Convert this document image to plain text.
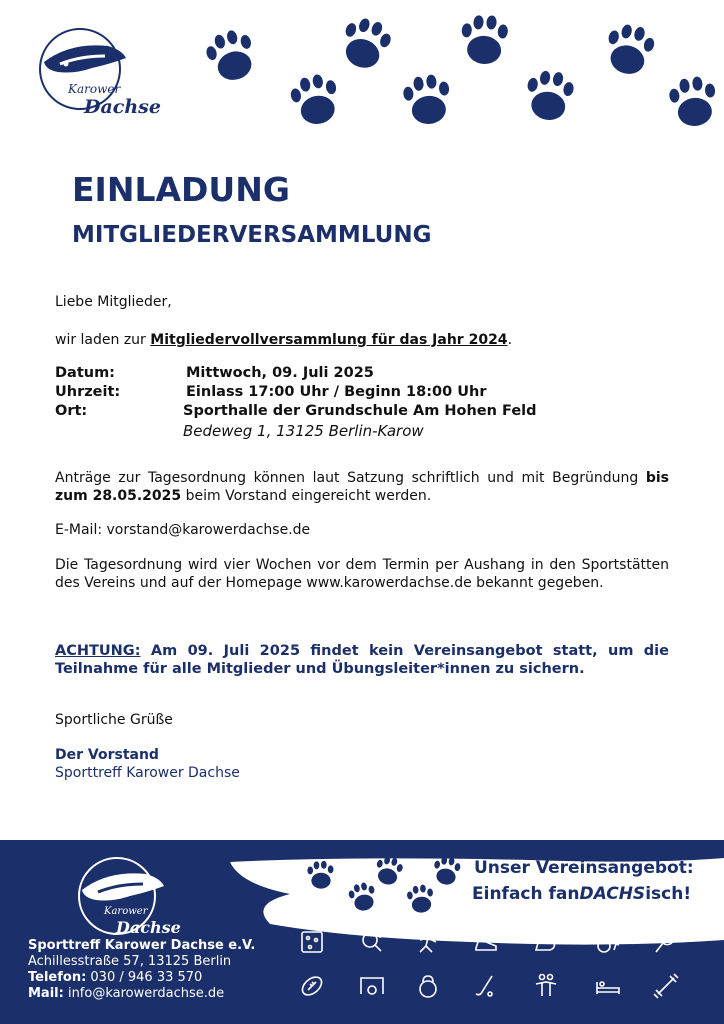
Karower
Dachse
EINLADUNG
MITGLIEDERVERSAMMLUNG
Liebe Mitglieder,
wir laden zur Mitgliedervollversammlung für das Jahr 2024.
Datum:	Mittwoch, 09. Juli 2025
Uhrzeit:	Einlass 17:00 Uhr / Beginn 18:00 Uhr
Ort:	Sporthalle der Grundschule Am Hohen Feld
Bedeweg 1, 13125 Berlin-Karow
Anträge zur Tagesordnung können laut Satzung schriftlich und mit Begründung bis zum 28.05.2025 beim Vorstand eingereicht werden.
E-Mail: vorstand@karowerdachse.de
Die Tagesordnung wird vier Wochen vor dem Termin per Aushang in den Sportstätten des Vereins und auf der Homepage www.karowerdachse.de bekannt gegeben.
ACHTUNG: Am 09. Juli 2025 findet kein Vereinsangebot statt, um die Teilnahme für alle Mitglieder und Übungsleiter*innen zu sichern.
Sportliche Grüße
Der Vorstand
Sporttreff Karower Dachse
Unser Vereinsangebot:
Einfach fanDACHSisch!
Karower
Dachse
Sporttreff Karower Dachse e.V.
Achillesstraße 57, 13125 Berlin
Telefon: 030 / 946 33 570
Mail: info@karowerdachse.de
